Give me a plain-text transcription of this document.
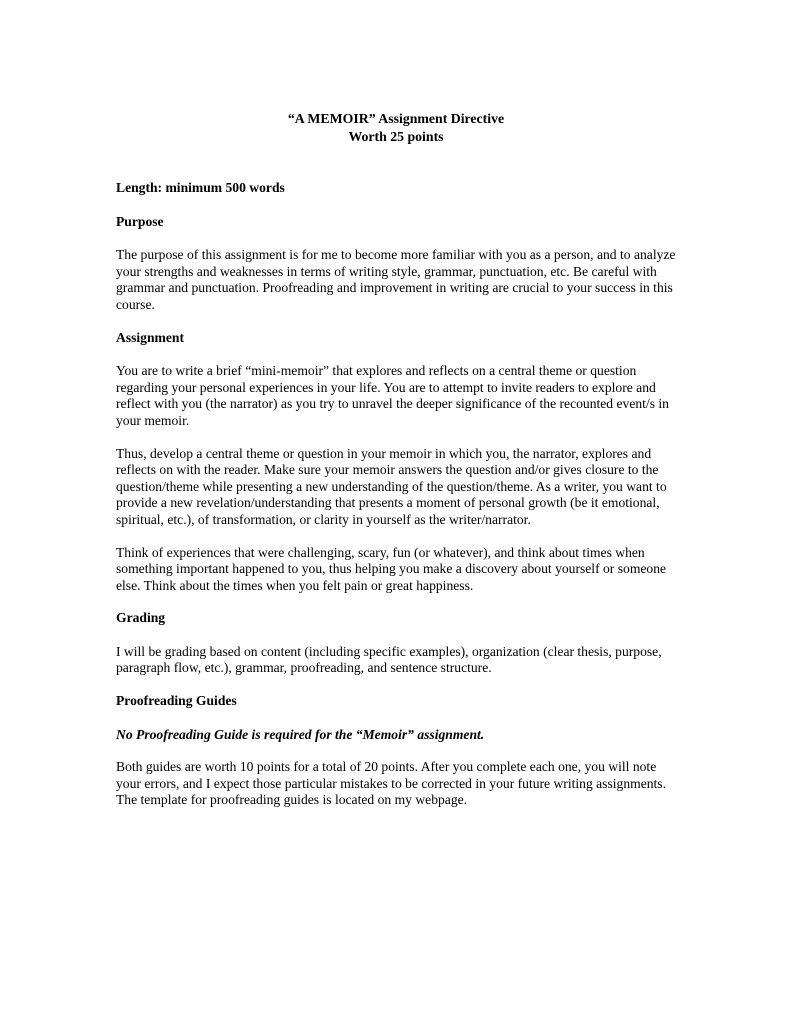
“A MEMOIR” Assignment Directive

Worth 25 points

Length: minimum 500 words

Purpose

The purpose of this assignment is for me to become more familiar with you as a person, and to analyze your strengths and weaknesses in terms of writing style, grammar, punctuation, etc. Be careful with grammar and punctuation. Proofreading and improvement in writing are crucial to your success in this course.

Assignment

You are to write a brief “mini-memoir” that explores and reflects on a central theme or question regarding your personal experiences in your life. You are to attempt to invite readers to explore and reflect with you (the narrator) as you try to unravel the deeper significance of the recounted event/s in your memoir.

Thus, develop a central theme or question in your memoir in which you, the narrator, explores and reflects on with the reader. Make sure your memoir answers the question and/or gives closure to the question/theme while presenting a new understanding of the question/theme. As a writer, you want to provide a new revelation/understanding that presents a moment of personal growth (be it emotional, spiritual, etc.), of transformation, or clarity in yourself as the writer/narrator.

Think of experiences that were challenging, scary, fun (or whatever), and think about times when something important happened to you, thus helping you make a discovery about yourself or someone else. Think about the times when you felt pain or great happiness.

Grading

I will be grading based on content (including specific examples), organization (clear thesis, purpose, paragraph flow, etc.), grammar, proofreading, and sentence structure.

Proofreading Guides

No Proofreading Guide is required for the “Memoir” assignment.

Both guides are worth 10 points for a total of 20 points. After you complete each one, you will note your errors, and I expect those particular mistakes to be corrected in your future writing assignments. The template for proofreading guides is located on my webpage.
